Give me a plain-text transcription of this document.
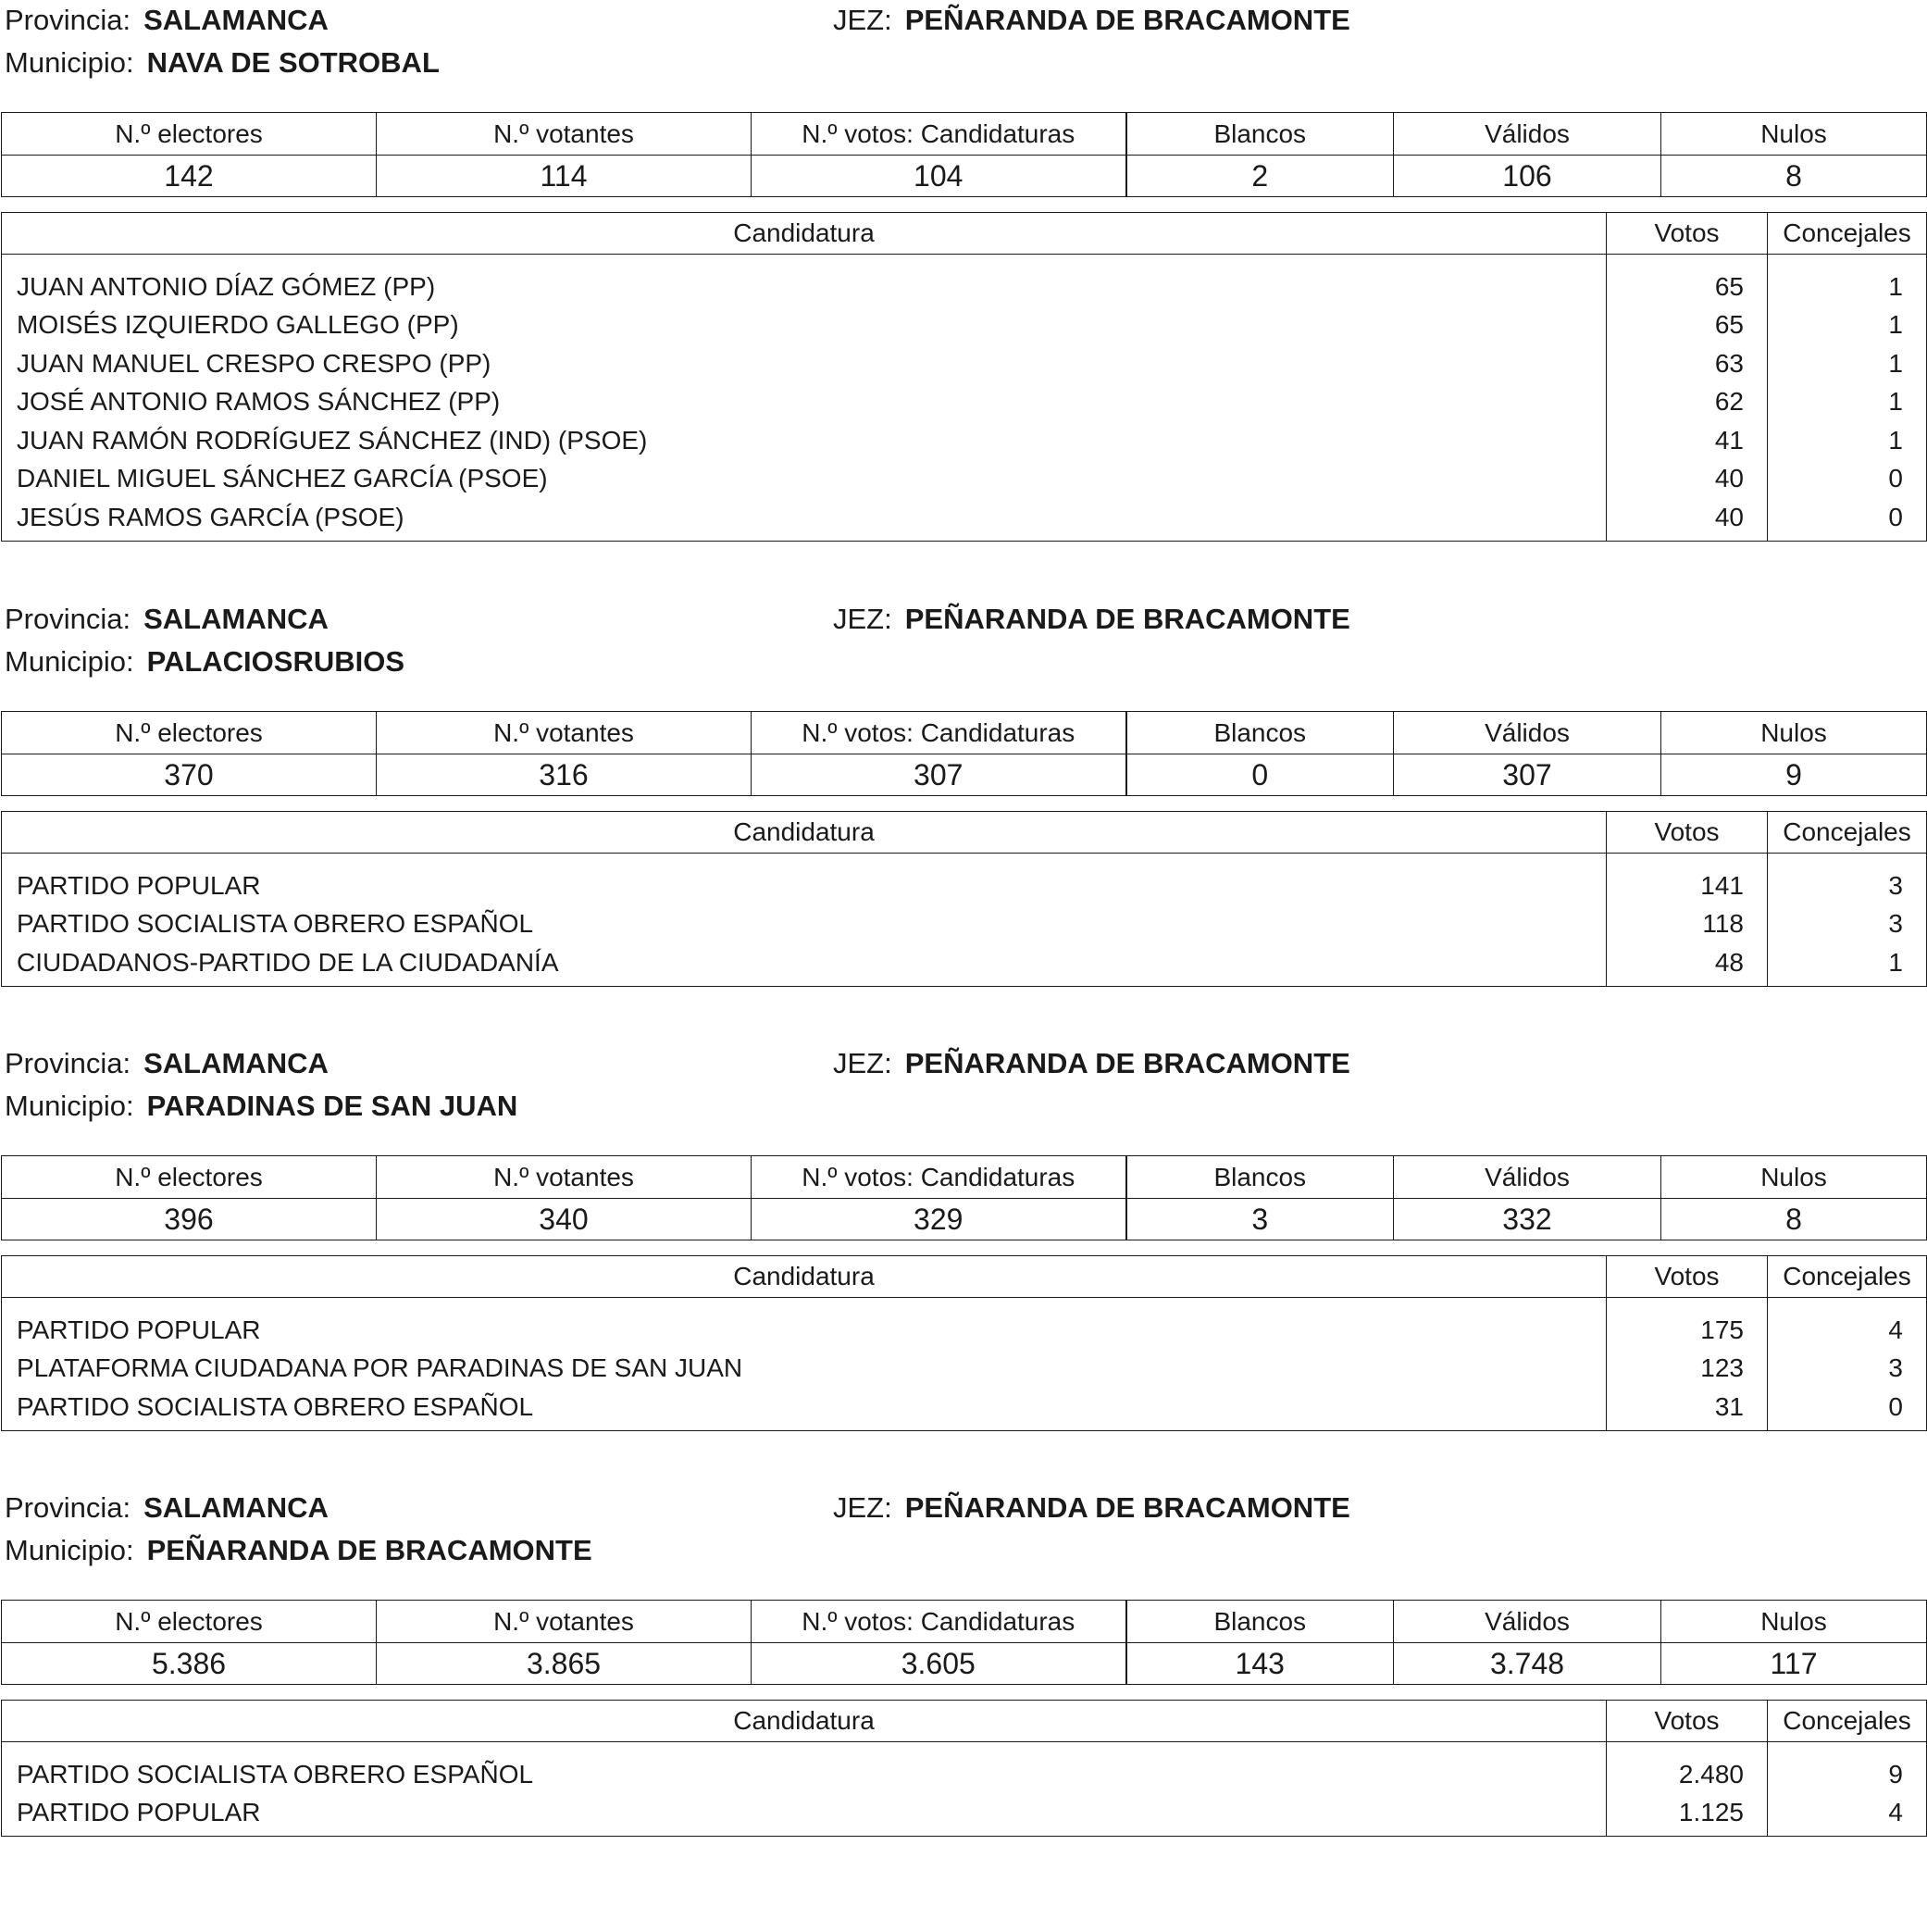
Provincia: SALAMANCA	JEZ: PEÑARANDA DE BRACAMONTE
Municipio: NAVA DE SOTROBAL
N.º electores	N.º votantes	N.º votos: Candidaturas	Blancos	Válidos	Nulos
142	114	104	2	106	8
Candidatura	Votos	Concejales
JUAN ANTONIO DÍAZ GÓMEZ (PP)	65	1
MOISÉS IZQUIERDO GALLEGO (PP)	65	1
JUAN MANUEL CRESPO CRESPO (PP)	63	1
JOSÉ ANTONIO RAMOS SÁNCHEZ (PP)	62	1
JUAN RAMÓN RODRÍGUEZ SÁNCHEZ (IND) (PSOE)	41	1
DANIEL MIGUEL SÁNCHEZ GARCÍA (PSOE)	40	0
JESÚS RAMOS GARCÍA (PSOE)	40	0
Provincia: SALAMANCA	JEZ: PEÑARANDA DE BRACAMONTE
Municipio: PALACIOSRUBIOS
N.º electores	N.º votantes	N.º votos: Candidaturas	Blancos	Válidos	Nulos
370	316	307	0	307	9
Candidatura	Votos	Concejales
PARTIDO POPULAR	141	3
PARTIDO SOCIALISTA OBRERO ESPAÑOL	118	3
CIUDADANOS-PARTIDO DE LA CIUDADANÍA	48	1
Provincia: SALAMANCA	JEZ: PEÑARANDA DE BRACAMONTE
Municipio: PARADINAS DE SAN JUAN
N.º electores	N.º votantes	N.º votos: Candidaturas	Blancos	Válidos	Nulos
396	340	329	3	332	8
Candidatura	Votos	Concejales
PARTIDO POPULAR	175	4
PLATAFORMA CIUDADANA POR PARADINAS DE SAN JUAN	123	3
PARTIDO SOCIALISTA OBRERO ESPAÑOL	31	0
Provincia: SALAMANCA	JEZ: PEÑARANDA DE BRACAMONTE
Municipio: PEÑARANDA DE BRACAMONTE
N.º electores	N.º votantes	N.º votos: Candidaturas	Blancos	Válidos	Nulos
5.386	3.865	3.605	143	3.748	117
Candidatura	Votos	Concejales
PARTIDO SOCIALISTA OBRERO ESPAÑOL	2.480	9
PARTIDO POPULAR	1.125	4
